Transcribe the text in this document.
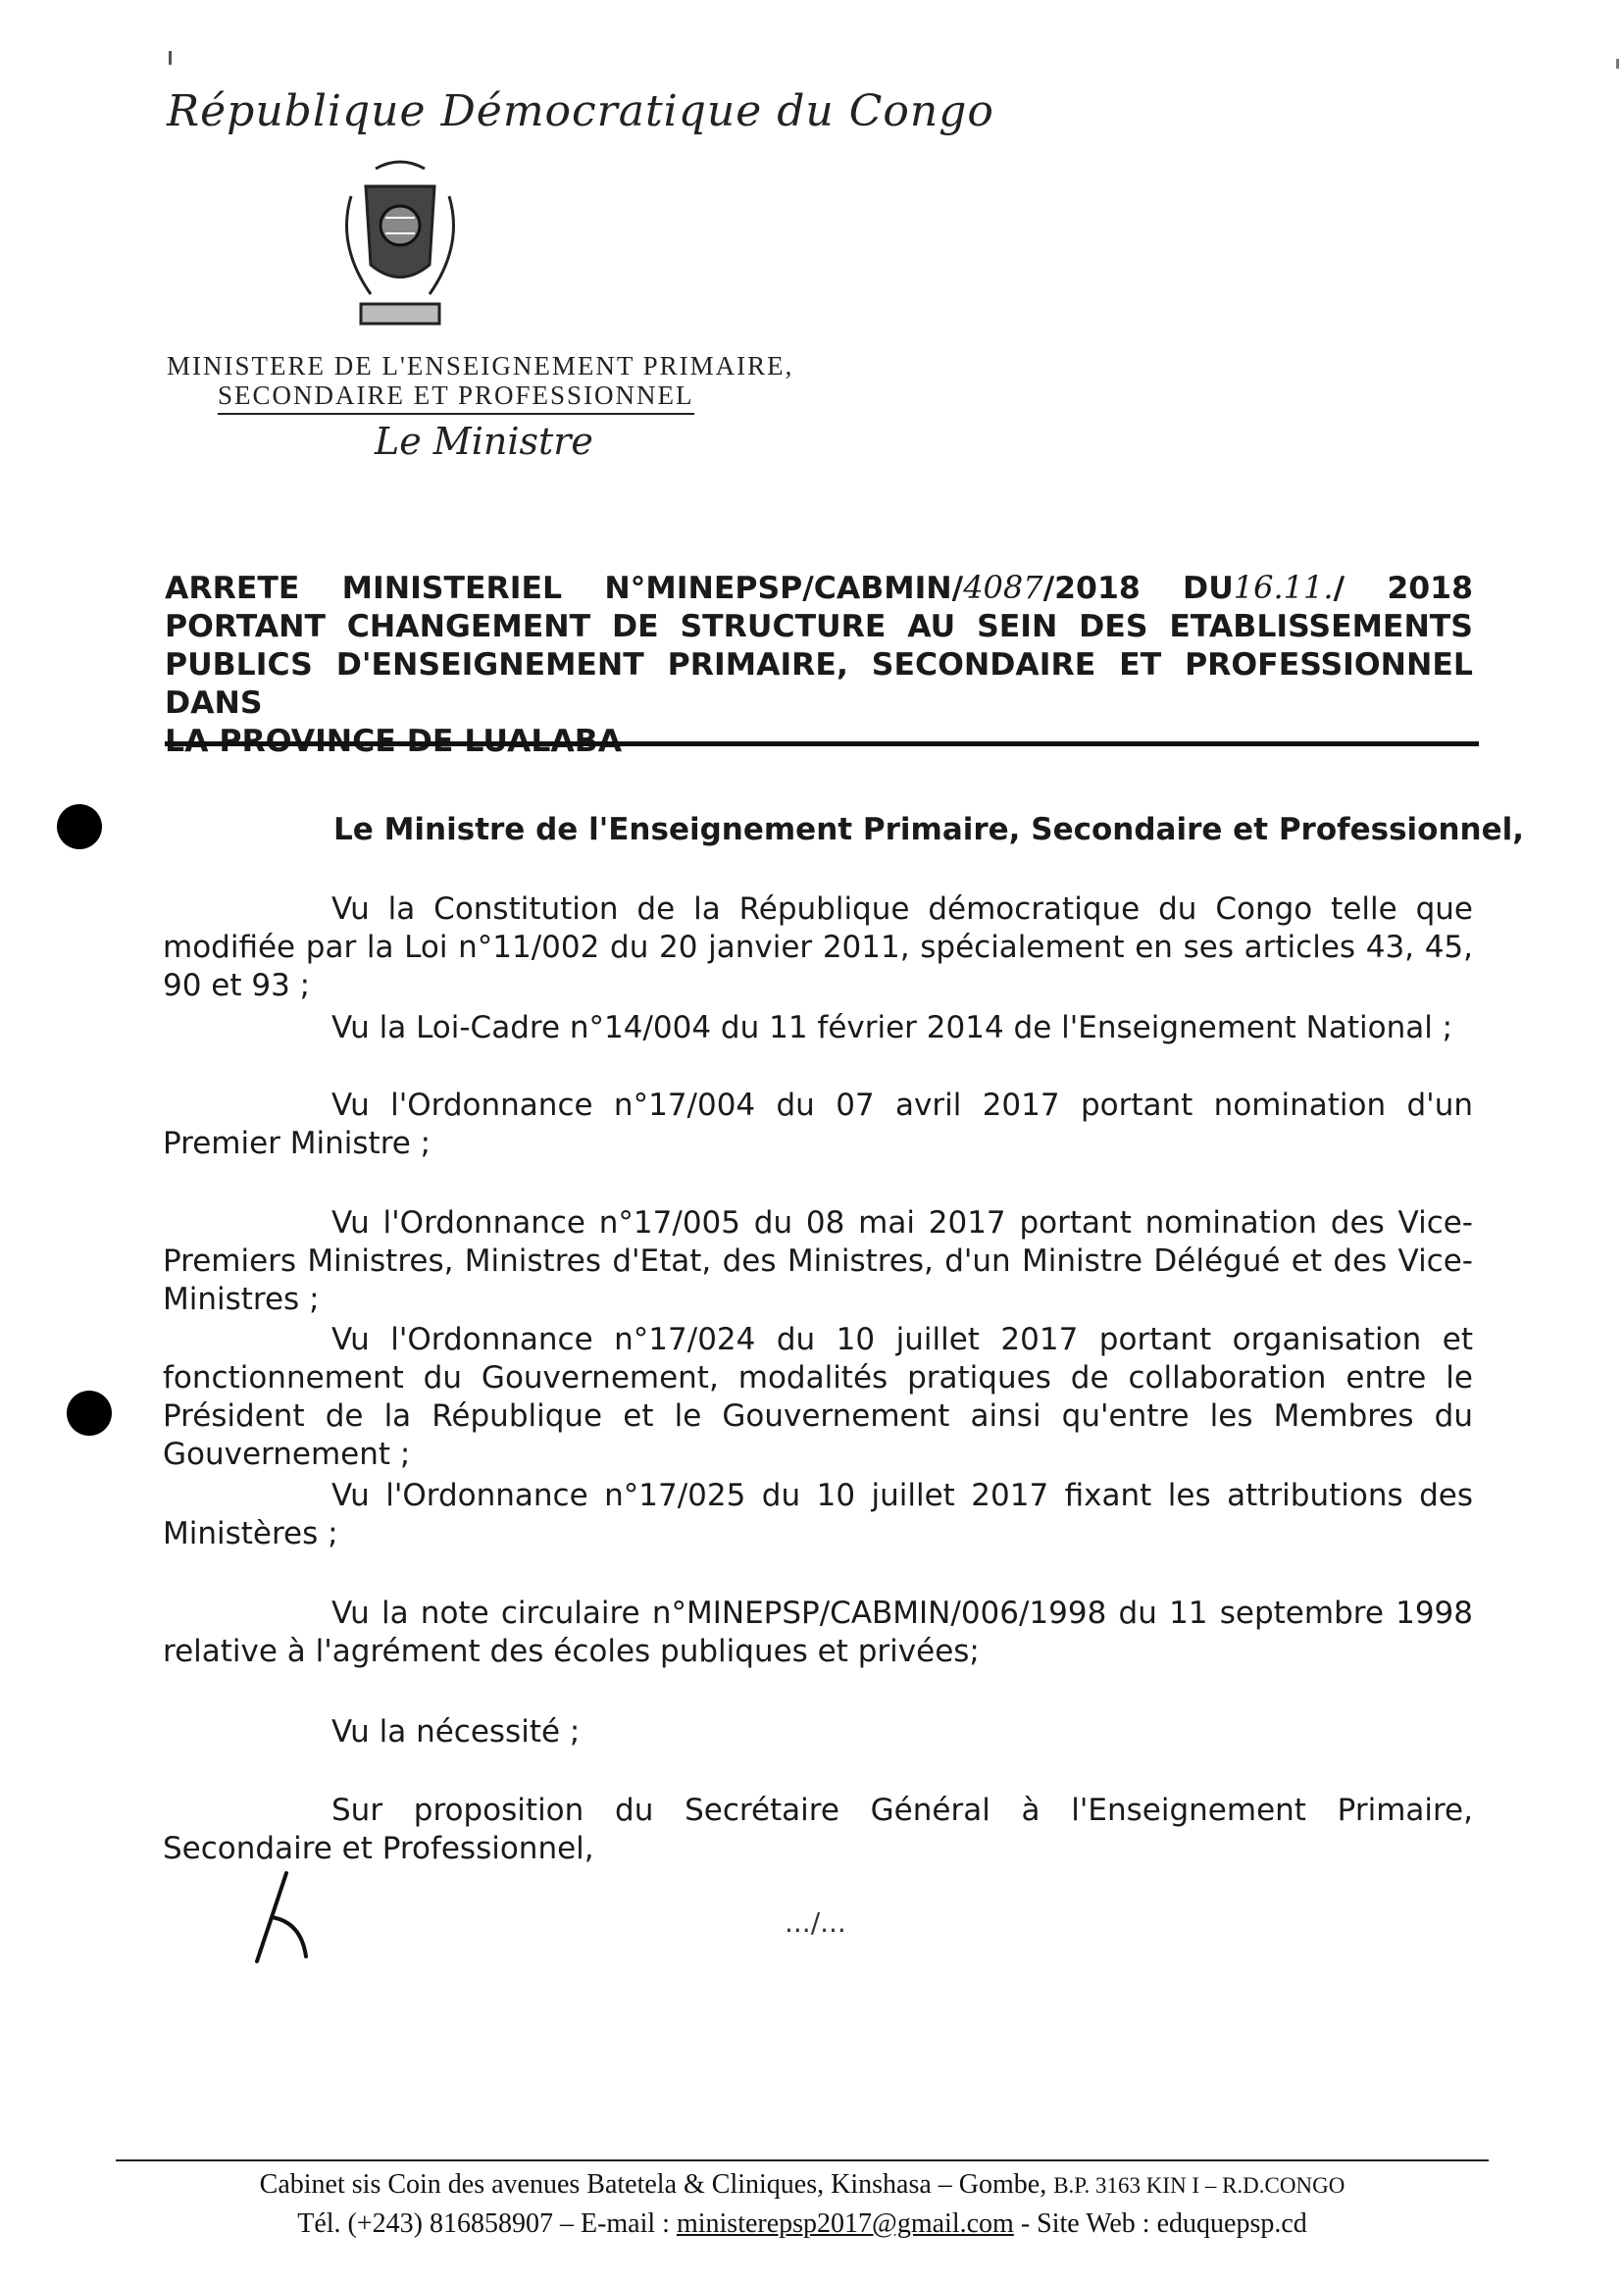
République Démocratique du Congo
MINISTERE DE L'ENSEIGNEMENT PRIMAIRE,
SECONDAIRE ET PROFESSIONNEL
Le Ministre
ARRETE MINISTERIEL N°MINEPSP/CABMIN/4087/2018 DU16.11./ 2018
PORTANT CHANGEMENT DE STRUCTURE AU SEIN DES ETABLISSEMENTS
PUBLICS D'ENSEIGNEMENT PRIMAIRE, SECONDAIRE ET PROFESSIONNEL DANS
Le Ministre de l'Enseignement Primaire, Secondaire et Professionnel,
Vu la Constitution de la République démocratique du Congo telle que modifiée par la Loi n°11/002 du 20 janvier 2011, spécialement en ses articles 43, 45, 90 et 93 ;
Vu la Loi-Cadre n°14/004 du 11 février 2014 de l'Enseignement National ;
Vu l'Ordonnance n°17/004 du 07 avril 2017 portant nomination d'un Premier Ministre ;
Vu l'Ordonnance n°17/005 du 08 mai 2017 portant nomination des Vice-Premiers Ministres, Ministres d'Etat, des Ministres, d'un Ministre Délégué et des Vice-Ministres ;
Vu l'Ordonnance n°17/024 du 10 juillet 2017 portant organisation et fonctionnement du Gouvernement, modalités pratiques de collaboration entre le Président de la République et le Gouvernement ainsi qu'entre les Membres du Gouvernement ;
Vu l'Ordonnance n°17/025 du 10 juillet 2017 fixant les attributions des Ministères ;
Vu la note circulaire n°MINEPSP/CABMIN/006/1998 du 11 septembre 1998 relative à l'agrément des écoles publiques et privées;
Vu la nécessité ;
Sur proposition du Secrétaire Général à l'Enseignement Primaire, Secondaire et Professionnel,
.../...
Cabinet sis Coin des avenues Batetela & Cliniques, Kinshasa – Gombe, B.P. 3163 KIN I – R.D.CONGO
Tél. (+243) 816858907 – E-mail : ministerepsp2017@gmail.com - Site Web : eduquepsp.cd
